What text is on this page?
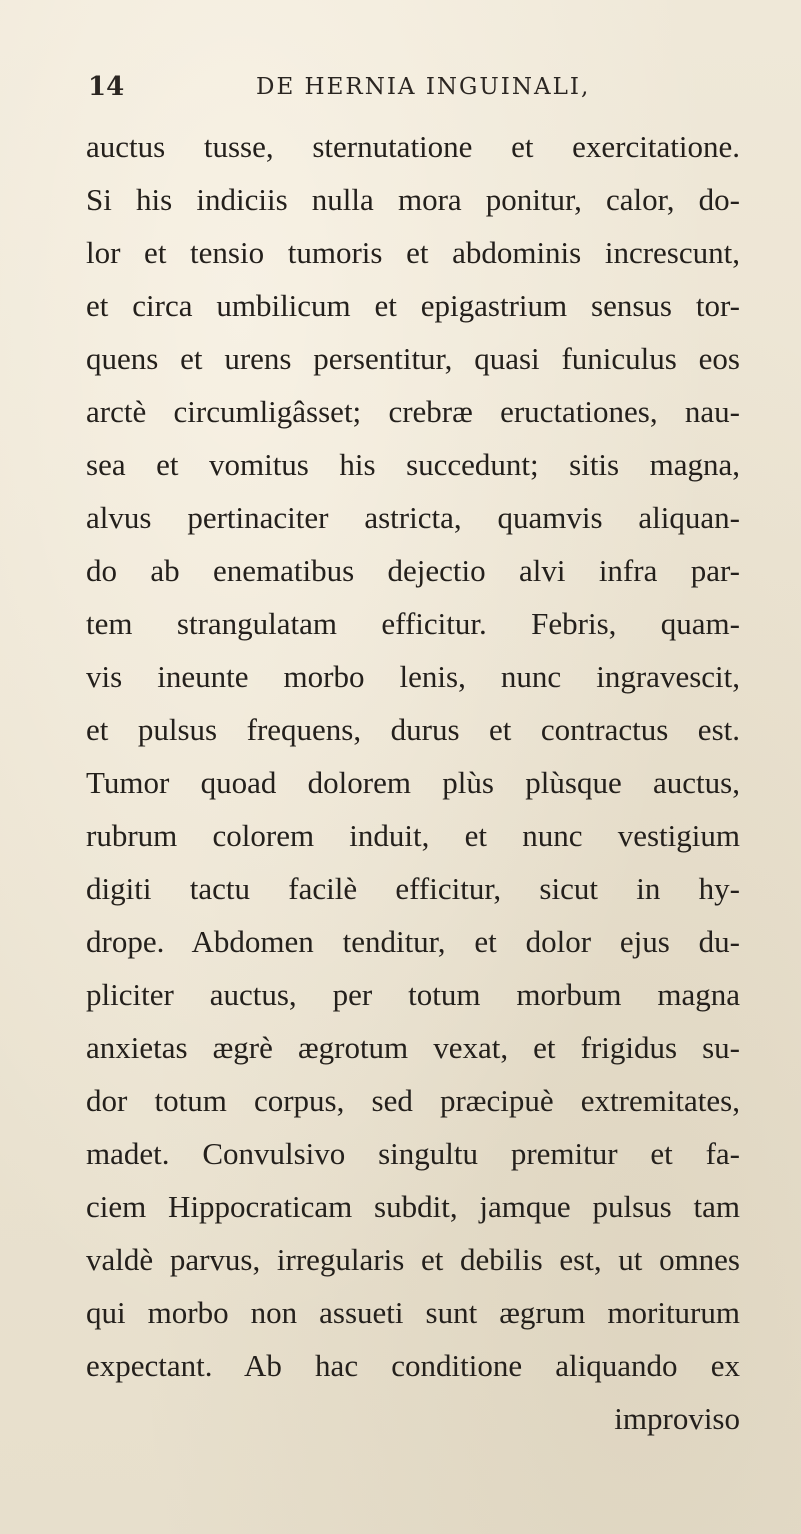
14	DE HERNIA INGUINALI,
auctus tusse, sternutatione et exercitatione.
Si his indiciis nulla mora ponitur, calor, do-
lor et tensio tumoris et abdominis increscunt,
et circa umbilicum et epigastrium sensus tor-
quens et urens persentitur, quasi funiculus eos
arctè circumligâsset; crebræ eructationes, nau-
sea et vomitus his succedunt; sitis magna,
alvus pertinaciter astricta, quamvis aliquan-
do ab enematibus dejectio alvi infra par-
tem strangulatam efficitur. Febris, quam-
vis ineunte morbo lenis, nunc ingravescit,
et pulsus frequens, durus et contractus est.
Tumor quoad dolorem plùs plùsque auctus,
rubrum colorem induit, et nunc vestigium
digiti tactu facilè efficitur, sicut in hy-
drope. Abdomen tenditur, et dolor ejus du-
pliciter auctus, per totum morbum magna
anxietas ægrè ægrotum vexat, et frigidus su-
dor totum corpus, sed præcipuè extremitates,
madet. Convulsivo singultu premitur et fa-
ciem Hippocraticam subdit, jamque pulsus tam
valdè parvus, irregularis et debilis est, ut omnes
qui morbo non assueti sunt ægrum moriturum
expectant. Ab hac conditione aliquando ex
improviso
